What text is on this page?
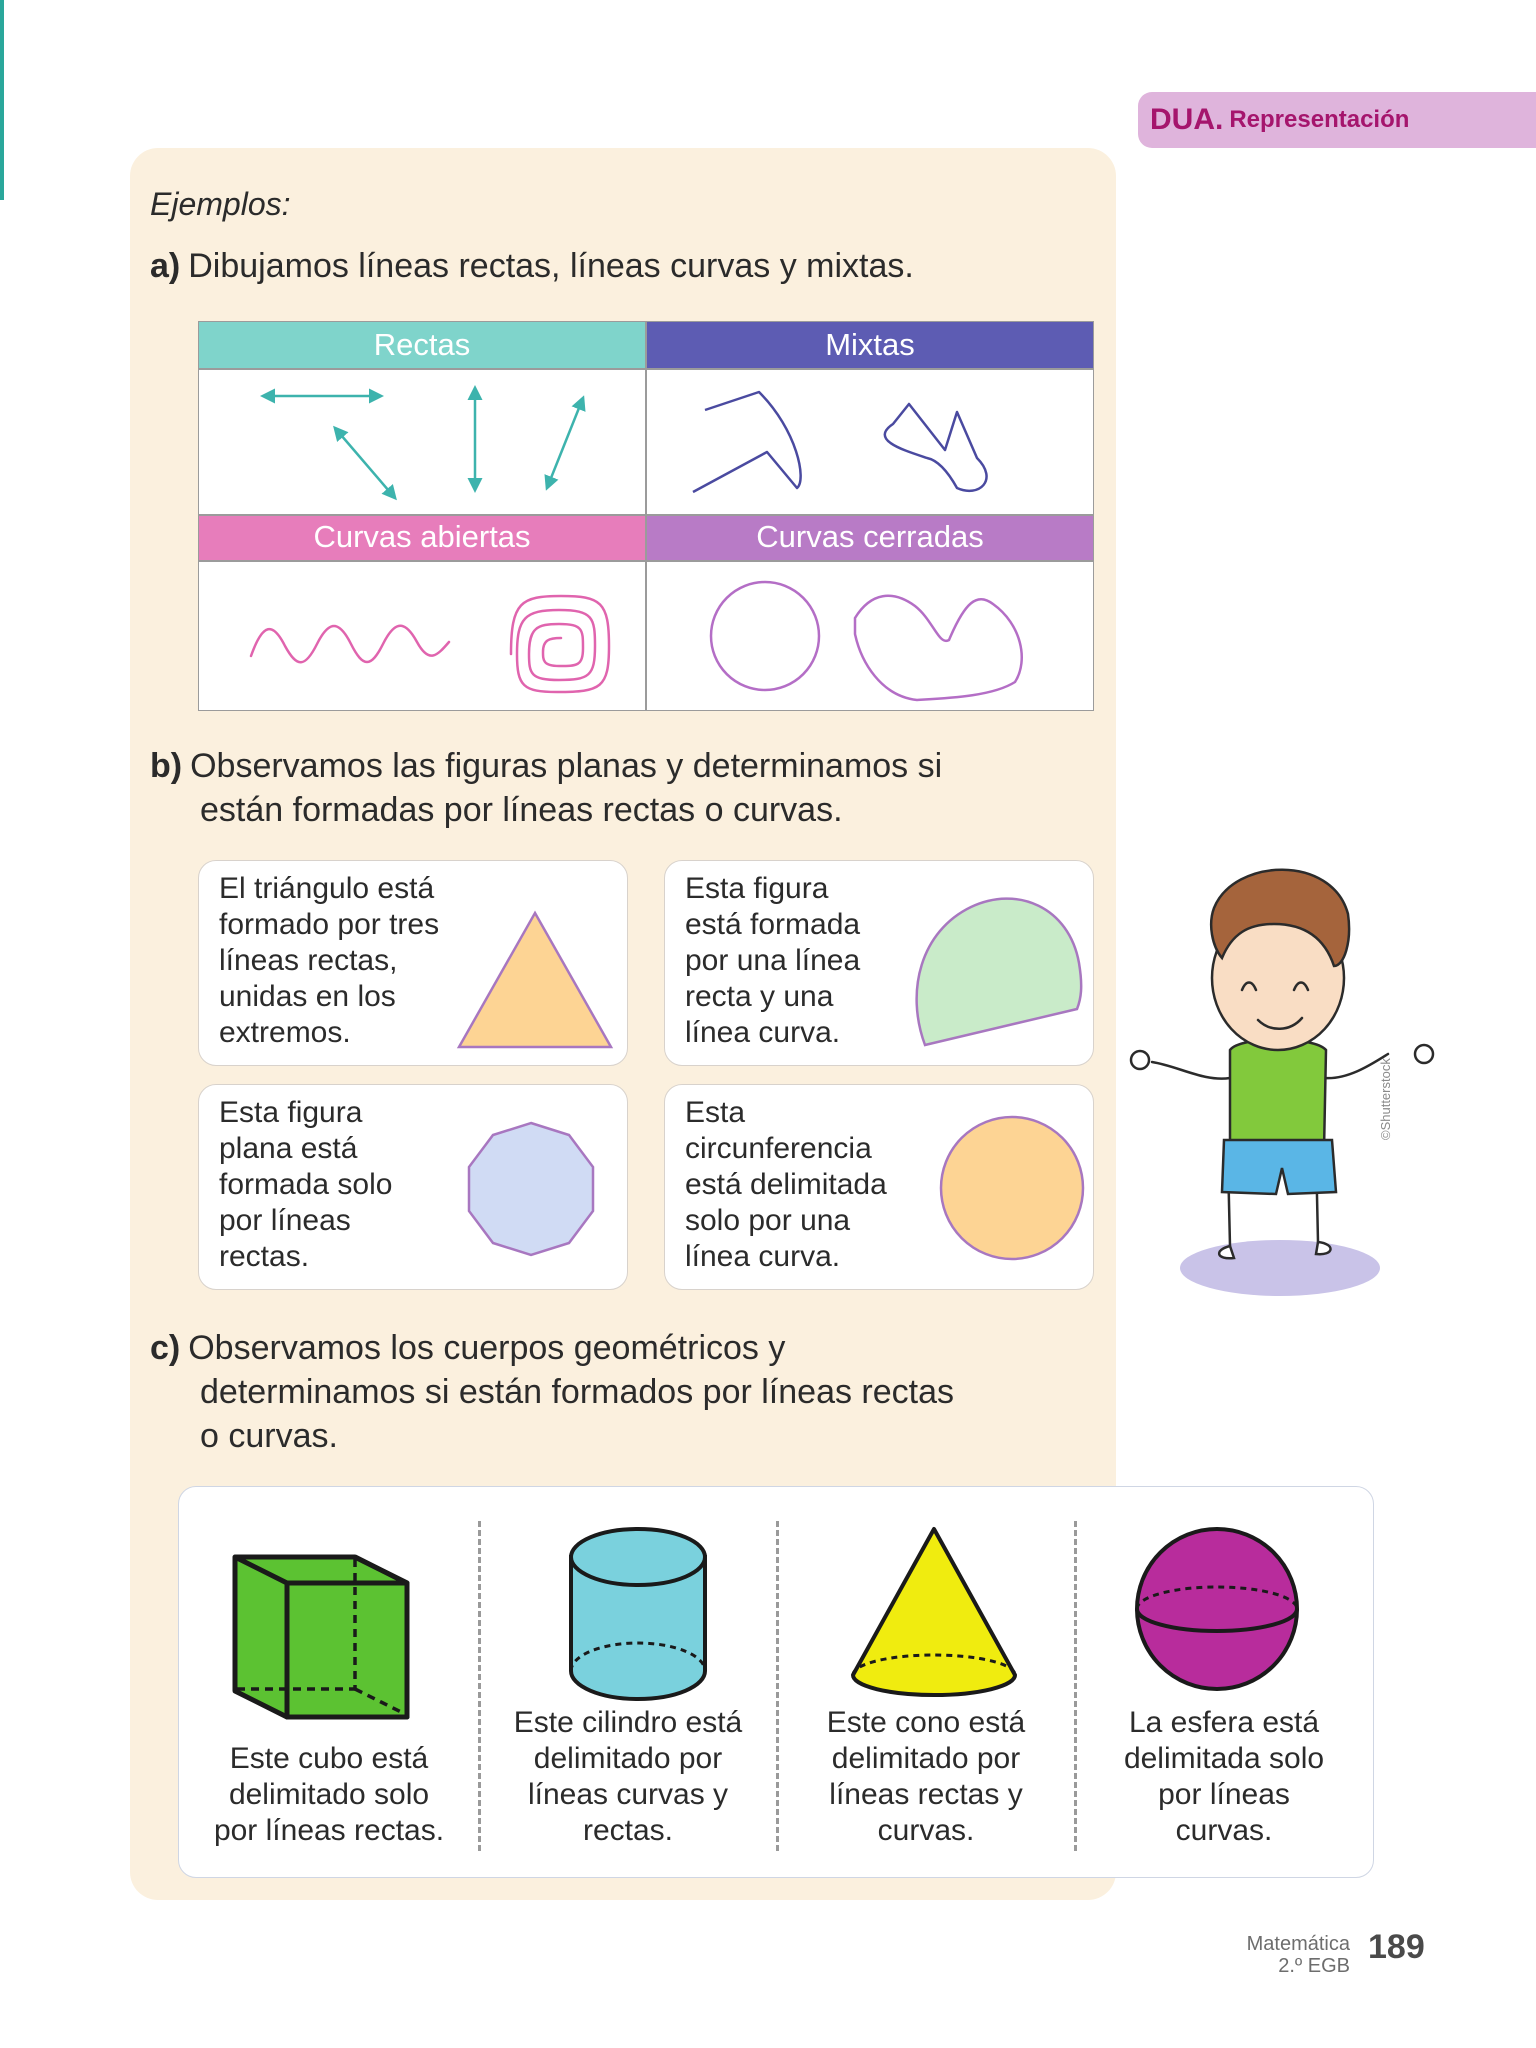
DUA. Representación
Ejemplos:
a) Dibujamos líneas rectas, líneas curvas y mixtas.
Rectas	Mixtas
Curvas abiertas	Curvas cerradas
b) Observamos las figuras planas y determinamos si
están formadas por líneas rectas o curvas.
El triángulo está
formado por tres
líneas rectas,
unidas en los
extremos.
Esta figura
está formada
por una línea
recta y una
línea curva.
Esta figura
plana está
formada solo
por líneas
rectas.
Esta
circunferencia
está delimitada
solo por una
línea curva.
©Shutterstock
c) Observamos los cuerpos geométricos y
determinamos si están formados por líneas rectas
o curvas.
Este cubo está
delimitado solo
por líneas rectas.
Este cilindro está
delimitado por
líneas curvas y
rectas.
Este cono está
delimitado por
líneas rectas y
curvas.
La esfera está
delimitada solo
por líneas
curvas.
Matemática
2.º EGB 189
